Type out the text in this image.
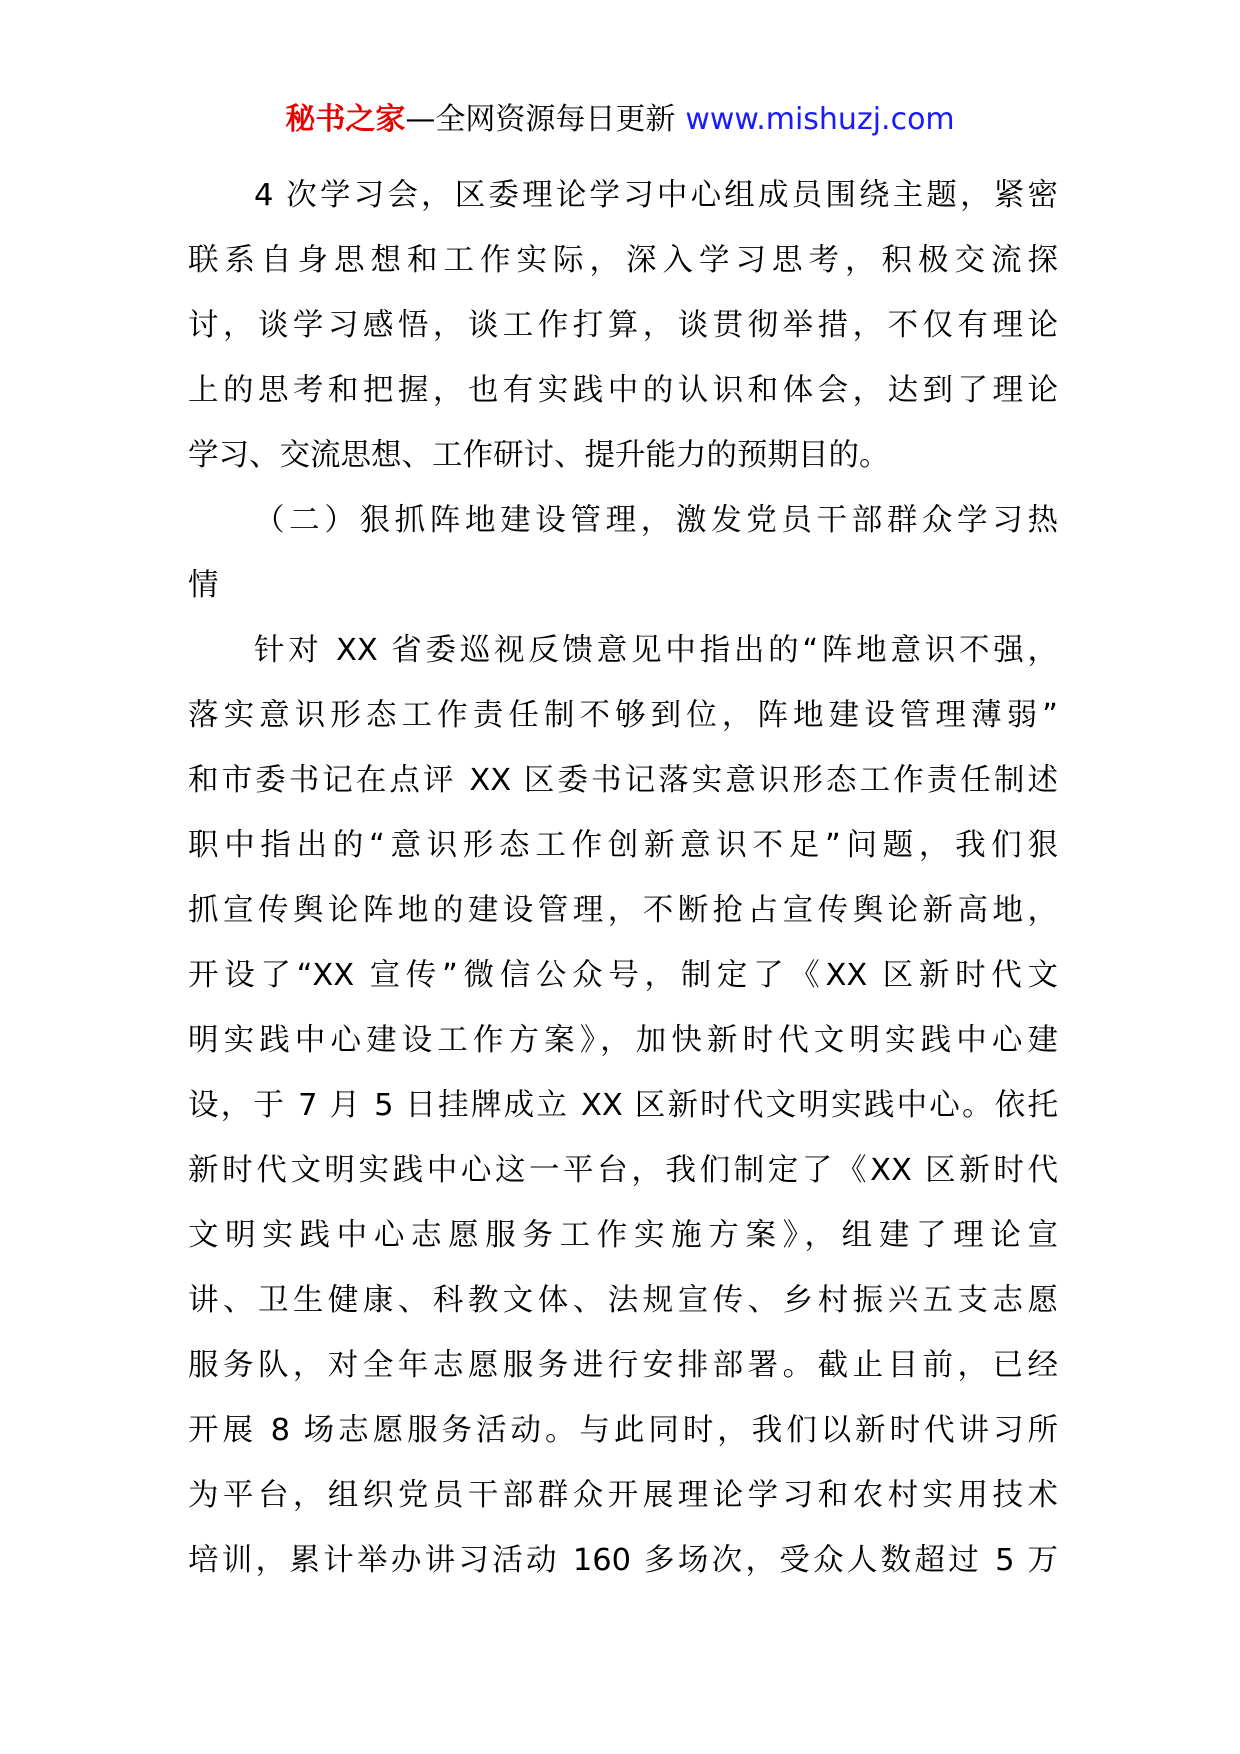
秘书之家—全网资源每日更新 www.mishuzj.com
4 次学习会，区委理论学习中心组成员围绕主题，紧密
联系自身思想和工作实际，深入学习思考，积极交流探
讨，谈学习感悟，谈工作打算，谈贯彻举措，不仅有理论
上的思考和把握，也有实践中的认识和体会，达到了理论
学习、交流思想、工作研讨、提升能力的预期目的。
（二）狠抓阵地建设管理，激发党员干部群众学习热
情
针对 XX 省委巡视反馈意见中指出的“阵地意识不强，
落实意识形态工作责任制不够到位，阵地建设管理薄弱”
和市委书记在点评 XX 区委书记落实意识形态工作责任制述
职中指出的“意识形态工作创新意识不足”问题，我们狠
抓宣传舆论阵地的建设管理，不断抢占宣传舆论新高地，
开设了“XX 宣传”微信公众号，制定了《XX 区新时代文
明实践中心建设工作方案》，加快新时代文明实践中心建
设，于 7 月 5 日挂牌成立 XX 区新时代文明实践中心。依托
新时代文明实践中心这一平台，我们制定了《XX 区新时代
文明实践中心志愿服务工作实施方案》，组建了理论宣
讲、卫生健康、科教文体、法规宣传、乡村振兴五支志愿
服务队，对全年志愿服务进行安排部署。截止目前，已经
开展 8 场志愿服务活动。与此同时，我们以新时代讲习所
为平台，组织党员干部群众开展理论学习和农村实用技术
培训，累计举办讲习活动 160 多场次，受众人数超过 5 万
